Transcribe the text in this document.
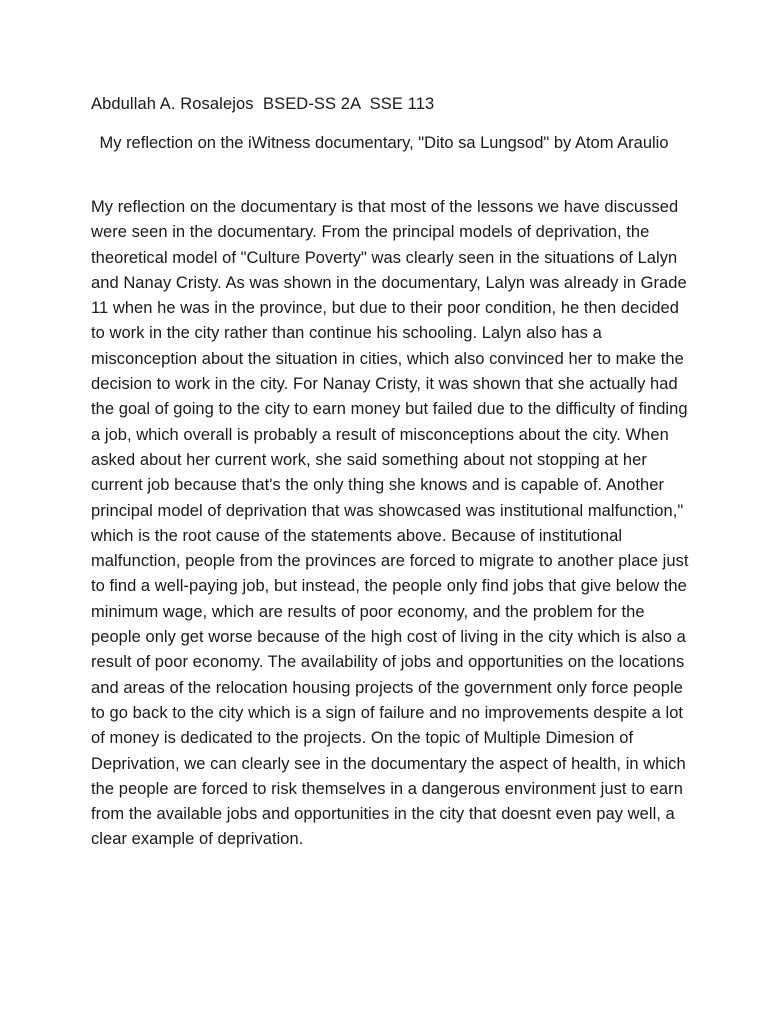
Abdullah A. Rosalejos  BSED-SS 2A  SSE 113
My reflection on the iWitness documentary, "Dito sa Lungsod" by Atom Araulio
My reflection on the documentary is that most of the lessons we have discussed were seen in the documentary. From the principal models of deprivation, the theoretical model of "Culture Poverty" was clearly seen in the situations of Lalyn and Nanay Cristy. As was shown in the documentary, Lalyn was already in Grade 11 when he was in the province, but due to their poor condition, he then decided to work in the city rather than continue his schooling. Lalyn also has a misconception about the situation in cities, which also convinced her to make the decision to work in the city. For Nanay Cristy, it was shown that she actually had the goal of going to the city to earn money but failed due to the difficulty of finding a job, which overall is probably a result of misconceptions about the city. When asked about her current work, she said something about not stopping at her current job because that's the only thing she knows and is capable of. Another principal model of deprivation that was showcased was institutional malfunction," which is the root cause of the statements above. Because of institutional malfunction, people from the provinces are forced to migrate to another place just to find a well-paying job, but instead, the people only find jobs that give below the minimum wage, which are results of poor economy, and the problem for the people only get worse because of the high cost of living in the city which is also a result of poor economy. The availability of jobs and opportunities on the locations and areas of the relocation housing projects of the government only force people to go back to the city which is a sign of failure and no improvements despite a lot of money is dedicated to the projects. On the topic of Multiple Dimesion of Deprivation, we can clearly see in the documentary the aspect of health, in which the people are forced to risk themselves in a dangerous environment just to earn from the available jobs and opportunities in the city that doesnt even pay well, a clear example of deprivation.
